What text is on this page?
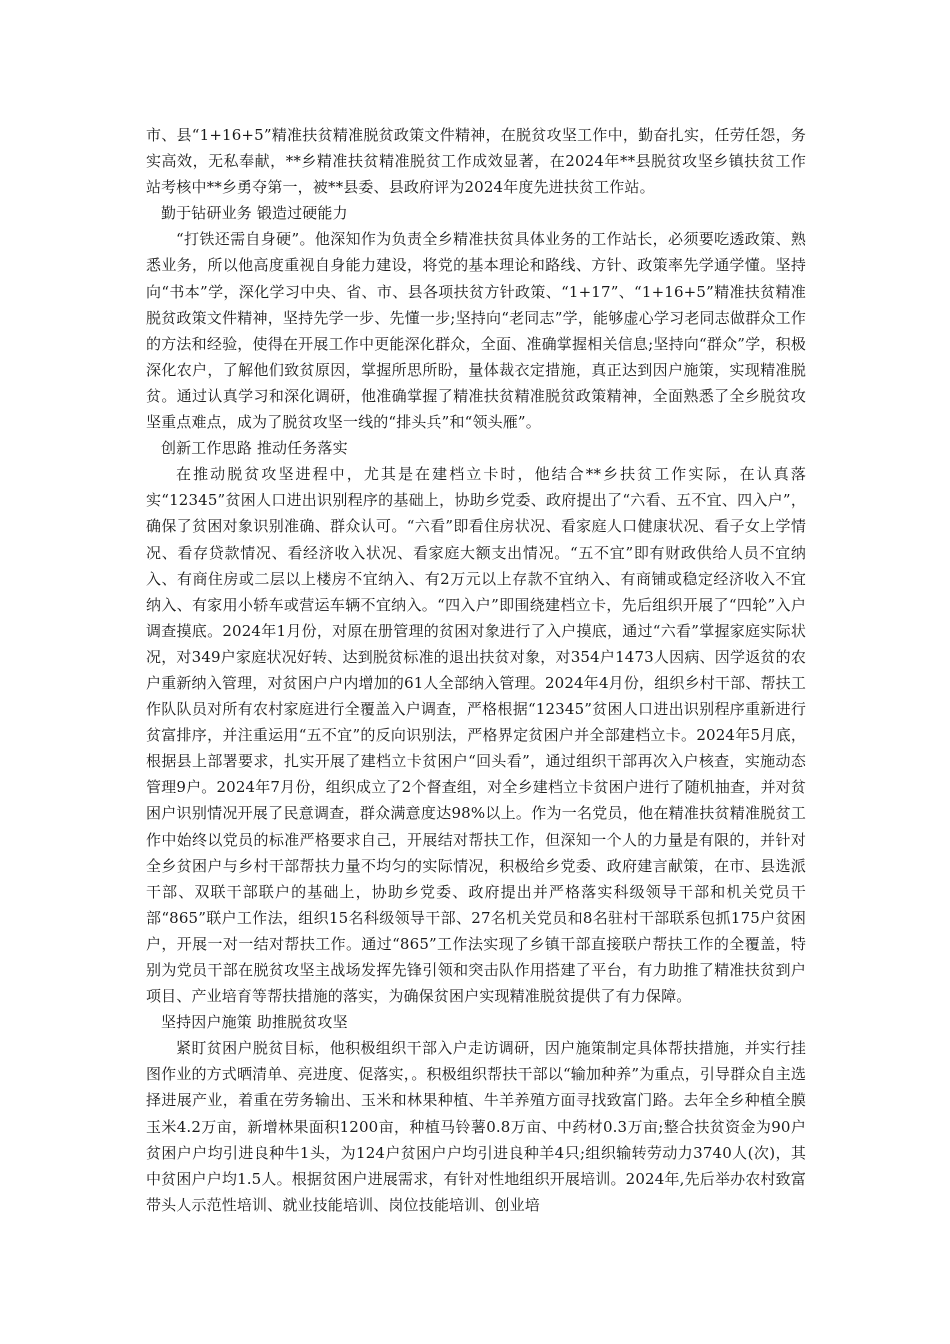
市、县“1+16+5”精准扶贫精准脱贫政策文件精神，在脱贫攻坚工作中，勤奋扎实，任劳任怨，务实高效，无私奉献，**乡精准扶贫精准脱贫工作成效显著，在2024年**县脱贫攻坚乡镇扶贫工作站考核中**乡勇夺第一，被**县委、县政府评为2024年度先进扶贫工作站。

勤于钻研业务 锻造过硬能力

“打铁还需自身硬”。他深知作为负责全乡精准扶贫具体业务的工作站长，必须要吃透政策、熟悉业务，所以他高度重视自身能力建设，将党的基本理论和路线、方针、政策率先学通学懂。坚持向“书本”学，深化学习中央、省、市、县各项扶贫方针政策、“1+17”、“1+16+5”精准扶贫精准脱贫政策文件精神，坚持先学一步、先懂一步;坚持向“老同志”学，能够虚心学习老同志做群众工作的方法和经验，使得在开展工作中更能深化群众，全面、准确掌握相关信息;坚持向“群众”学，积极深化农户，了解他们致贫原因，掌握所思所盼，量体裁衣定措施，真正达到因户施策，实现精准脱贫。通过认真学习和深化调研，他准确掌握了精准扶贫精准脱贫政策精神，全面熟悉了全乡脱贫攻坚重点难点，成为了脱贫攻坚一线的“排头兵”和“领头雁”。

创新工作思路 推动任务落实

在推动脱贫攻坚进程中，尤其是在建档立卡时，他结合**乡扶贫工作实际，在认真落实“12345”贫困人口进出识别程序的基础上，协助乡党委、政府提出了“六看、五不宜、四入户”，确保了贫困对象识别准确、群众认可。“六看”即看住房状况、看家庭人口健康状况、看子女上学情况、看存贷款情况、看经济收入状况、看家庭大额支出情况。“五不宜”即有财政供给人员不宜纳入、有商住房或二层以上楼房不宜纳入、有2万元以上存款不宜纳入、有商铺或稳定经济收入不宜纳入、有家用小轿车或营运车辆不宜纳入。“四入户”即围绕建档立卡，先后组织开展了“四轮”入户调查摸底。2024年1月份，对原在册管理的贫困对象进行了入户摸底，通过“六看”掌握家庭实际状况，对349户家庭状况好转、达到脱贫标准的退出扶贫对象，对354户1473人因病、因学返贫的农户重新纳入管理，对贫困户户内增加的61人全部纳入管理。2024年4月份，组织乡村干部、帮扶工作队队员对所有农村家庭进行全覆盖入户调查，严格根据“12345”贫困人口进出识别程序重新进行贫富排序，并注重运用“五不宜”的反向识别法，严格界定贫困户并全部建档立卡。2024年5月底，根据县上部署要求，扎实开展了建档立卡贫困户“回头看”，通过组织干部再次入户核查，实施动态管理9户。2024年7月份，组织成立了2个督查组，对全乡建档立卡贫困户进行了随机抽查，并对贫困户识别情况开展了民意调查，群众满意度达98%以上。作为一名党员，他在精准扶贫精准脱贫工作中始终以党员的标准严格要求自己，开展结对帮扶工作，但深知一个人的力量是有限的，并针对全乡贫困户与乡村干部帮扶力量不均匀的实际情况，积极给乡党委、政府建言献策，在市、县选派干部、双联干部联户的基础上，协助乡党委、政府提出并严格落实科级领导干部和机关党员干部“865”联户工作法，组织15名科级领导干部、27名机关党员和8名驻村干部联系包抓175户贫困户，开展一对一结对帮扶工作。通过“865”工作法实现了乡镇干部直接联户帮扶工作的全覆盖，特别为党员干部在脱贫攻坚主战场发挥先锋引领和突击队作用搭建了平台，有力助推了精准扶贫到户项目、产业培育等帮扶措施的落实，为确保贫困户实现精准脱贫提供了有力保障。

坚持因户施策 助推脱贫攻坚

紧盯贫困户脱贫目标，他积极组织干部入户走访调研，因户施策制定具体帮扶措施，并实行挂图作业的方式晒清单、亮进度、促落实，。积极组织帮扶干部以“输加种养”为重点，引导群众自主选择进展产业，着重在劳务输出、玉米和林果种植、牛羊养殖方面寻找致富门路。去年全乡种植全膜玉米4.2万亩，新增林果面积1200亩，种植马铃薯0.8万亩、中药材0.3万亩;整合扶贫资金为90户贫困户户均引进良种牛1头，为124户贫困户户均引进良种羊4只;组织输转劳动力3740人(次)，其中贫困户户均1.5人。根据贫困户进展需求，有针对性地组织开展培训。2024年,先后举办农村致富带头人示范性培训、就业技能培训、岗位技能培训、创业培
